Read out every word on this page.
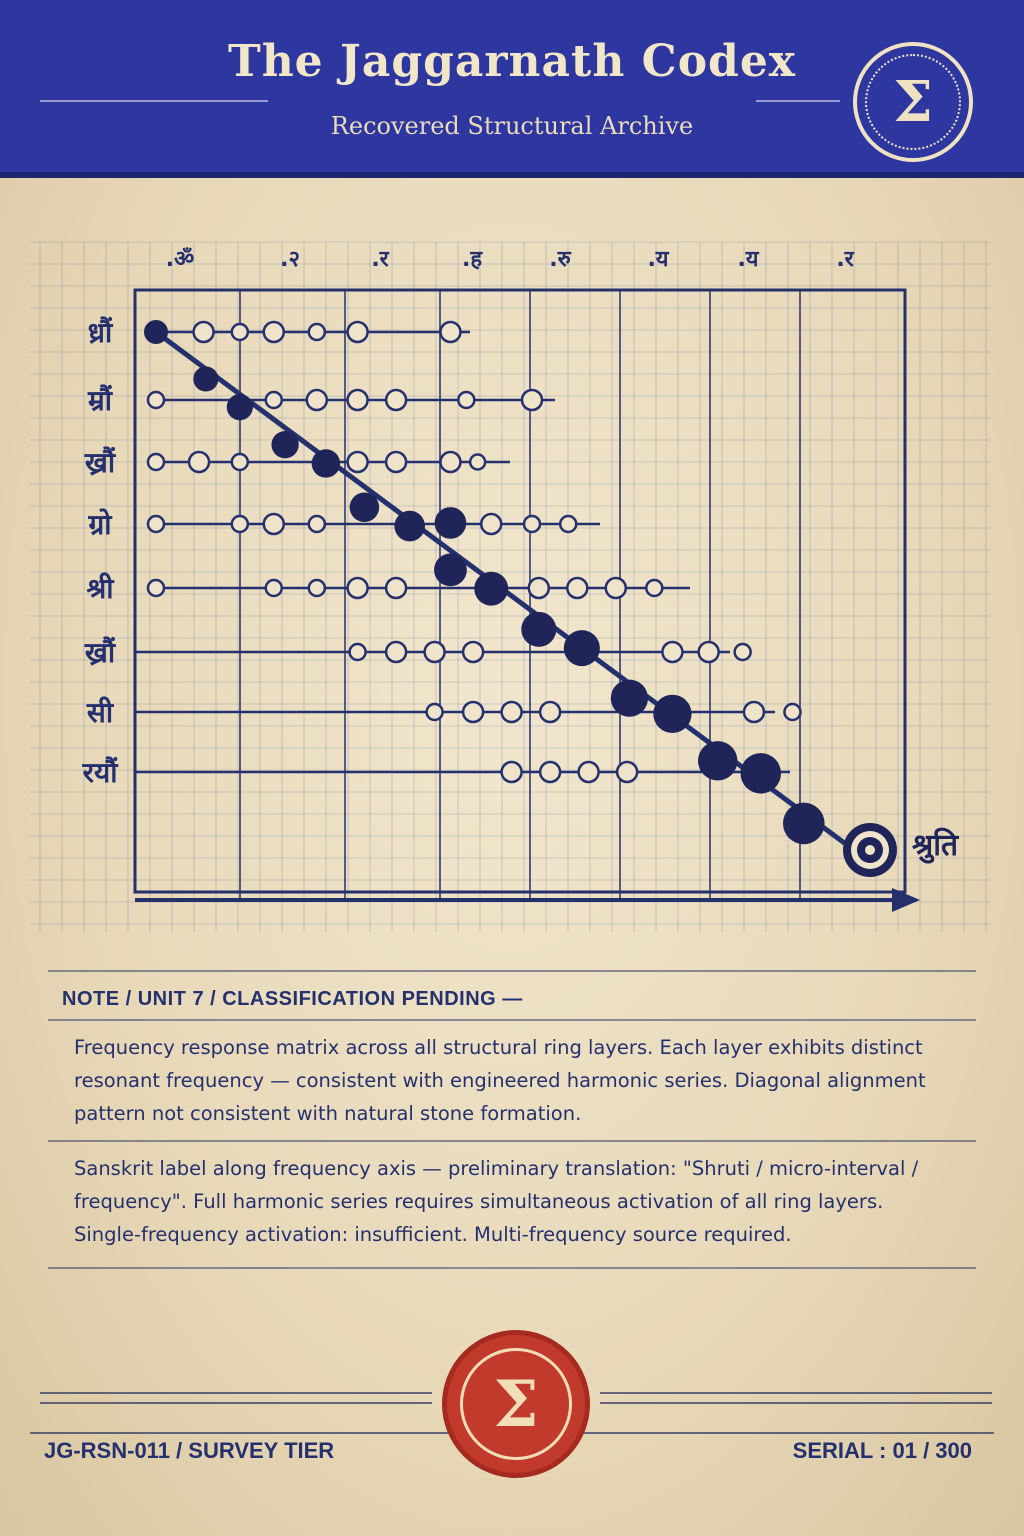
The Jaggarnath Codex
Recovered Structural Archive	Σ
.ॐ	.२	.र	.ह	.रु	.य	.य	.र
ध्रौं
म्रौं
ख्रौं
ग्रो
श्री
ख्रौं
सी
रयौं
श्रुति
NOTE / UNIT 7 / CLASSIFICATION PENDING —
Frequency response matrix across all structural ring layers. Each layer exhibits distinct resonant frequency — consistent with engineered harmonic series. Diagonal alignment pattern not consistent with natural stone formation.
Sanskrit label along frequency axis — preliminary translation: "Shruti / micro-interval / frequency". Full harmonic series requires simultaneous activation of all ring layers. Single-frequency activation: insufficient. Multi-frequency source required.
Σ
JG-RSN-011 / SURVEY TIER	SERIAL : 01 / 300
